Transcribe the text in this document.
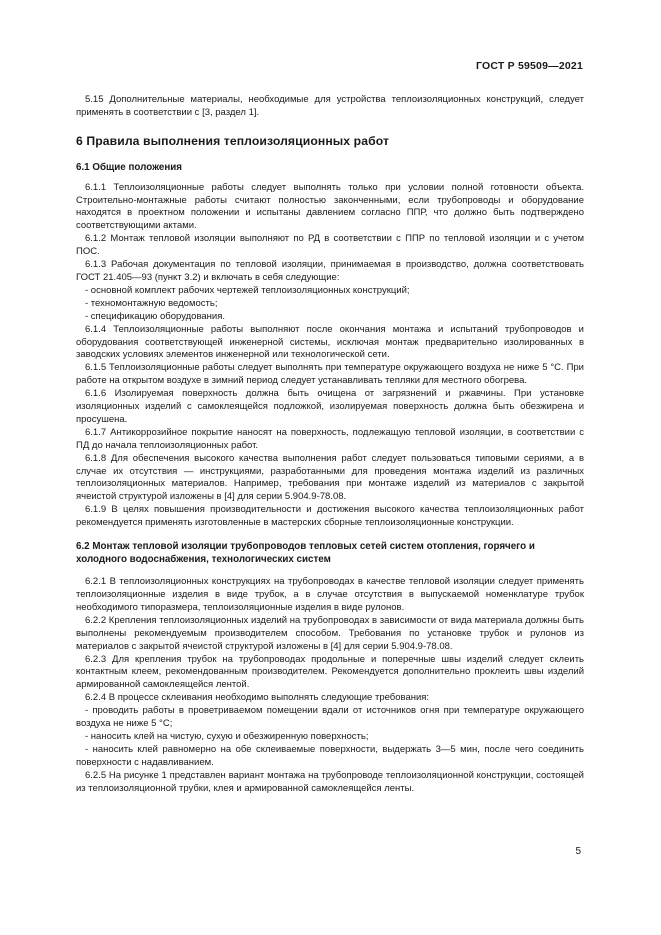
ГОСТ Р 59509—2021

5.15 Дополнительные материалы, необходимые для устройства теплоизоляционных конструкций, следует применять в соответствии с [3, раздел 1].

6 Правила выполнения теплоизоляционных работ
6.1 Общие положения

6.1.1 Теплоизоляционные работы следует выполнять только при условии полной готовности объекта. Строительно-монтажные работы считают полностью законченными, если трубопроводы и оборудование находятся в проектном положении и испытаны давлением согласно ППР, что должно быть подтверждено соответствующими актами.

6.1.2 Монтаж тепловой изоляции выполняют по РД в соответствии с ППР по тепловой изоляции и с учетом ПОС.

6.1.3 Рабочая документация по тепловой изоляции, принимаемая в производство, должна соответствовать ГОСТ 21.405—93 (пункт 3.2) и включать в себя следующие:

- основной комплект рабочих чертежей теплоизоляционных конструкций;

- техномонтажную ведомость;

- спецификацию оборудования.

6.1.4 Теплоизоляционные работы выполняют после окончания монтажа и испытаний трубопроводов и оборудования соответствующей инженерной системы, исключая монтаж предварительно изолированных в заводских условиях элементов инженерной или технологической сети.

6.1.5 Теплоизоляционные работы следует выполнять при температуре окружающего воздуха не ниже 5 °C. При работе на открытом воздухе в зимний период следует устанавливать тепляки для местного обогрева.

6.1.6 Изолируемая поверхность должна быть очищена от загрязнений и ржавчины. При установке изоляционных изделий с самоклеящейся подложкой, изолируемая поверхность должна быть обезжирена и просушена.

6.1.7 Антикоррозийное покрытие наносят на поверхность, подлежащую тепловой изоляции, в соответствии с ПД до начала теплоизоляционных работ.

6.1.8 Для обеспечения высокого качества выполнения работ следует пользоваться типовыми сериями, а в случае их отсутствия — инструкциями, разработанными для проведения монтажа изделий из различных теплоизоляционных материалов. Например, требования при монтаже изделий из материалов с закрытой ячеистой структурой изложены в [4] для серии 5.904.9-78.08.

6.1.9 В целях повышения производительности и достижения высокого качества теплоизоляционных работ рекомендуется применять изготовленные в мастерских сборные теплоизоляционные конструкции.

6.2 Монтаж тепловой изоляции трубопроводов тепловых сетей систем отопления, горячего и холодного водоснабжения, технологических систем

6.2.1 В теплоизоляционных конструкциях на трубопроводах в качестве тепловой изоляции следует применять теплоизоляционные изделия в виде трубок, а в случае отсутствия в выпускаемой номенклатуре трубок необходимого типоразмера, теплоизоляционные изделия в виде рулонов.

6.2.2 Крепления теплоизоляционных изделий на трубопроводах в зависимости от вида материала должны быть выполнены рекомендуемым производителем способом. Требования по установке трубок и рулонов из материалов с закрытой ячеистой структурой изложены в [4] для серии 5.904.9-78.08.

6.2.3 Для крепления трубок на трубопроводах продольные и поперечные швы изделий следует склеить контактным клеем, рекомендованным производителем. Рекомендуется дополнительно проклеить швы изделий армированной самоклеящейся лентой.

6.2.4 В процессе склеивания необходимо выполнять следующие требования:

- проводить работы в проветриваемом помещении вдали от источников огня при температуре окружающего воздуха не ниже 5 °C;

- наносить клей на чистую, сухую и обезжиренную поверхность;

- наносить клей равномерно на обе склеиваемые поверхности, выдержать 3—5 мин, после чего соединить поверхности с надавливанием.

6.2.5 На рисунке 1 представлен вариант монтажа на трубопроводе теплоизоляционной конструкции, состоящей из теплоизоляционной трубки, клея и армированной самоклеящейся ленты.

5
